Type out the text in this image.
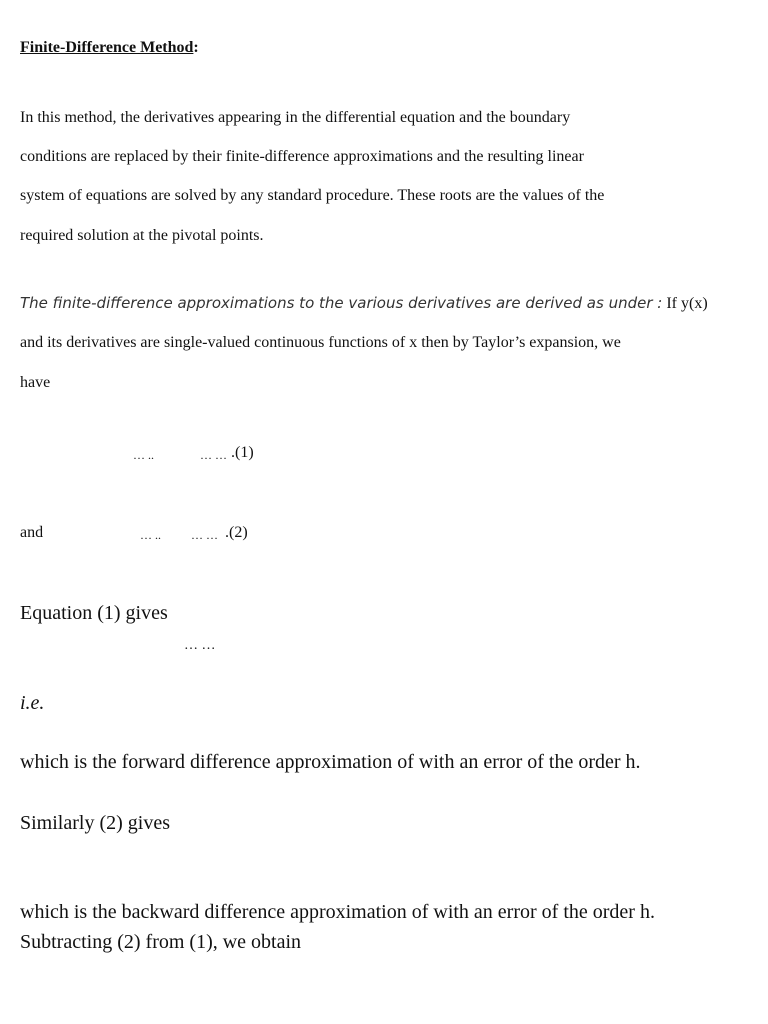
Finite-Difference Method:
In this method, the derivatives appearing in the differential equation and the boundary
conditions are replaced by their finite-difference approximations and the resulting linear
system of equations are solved by any standard procedure. These roots are the values of the
required solution at the pivotal points.
The finite-difference approximations to the various derivatives are derived as under : If y(x)
and its derivatives are single-valued continuous functions of x then by Taylor’s expansion, we
have
… ..	… … .(1)
and	… ..	… … .(2)
Equation (1) gives
… …
i.e.
which is the forward difference approximation of with an error of the order h.
Similarly (2) gives
which is the backward difference approximation of with an error of the order h.
Subtracting (2) from (1), we obtain
